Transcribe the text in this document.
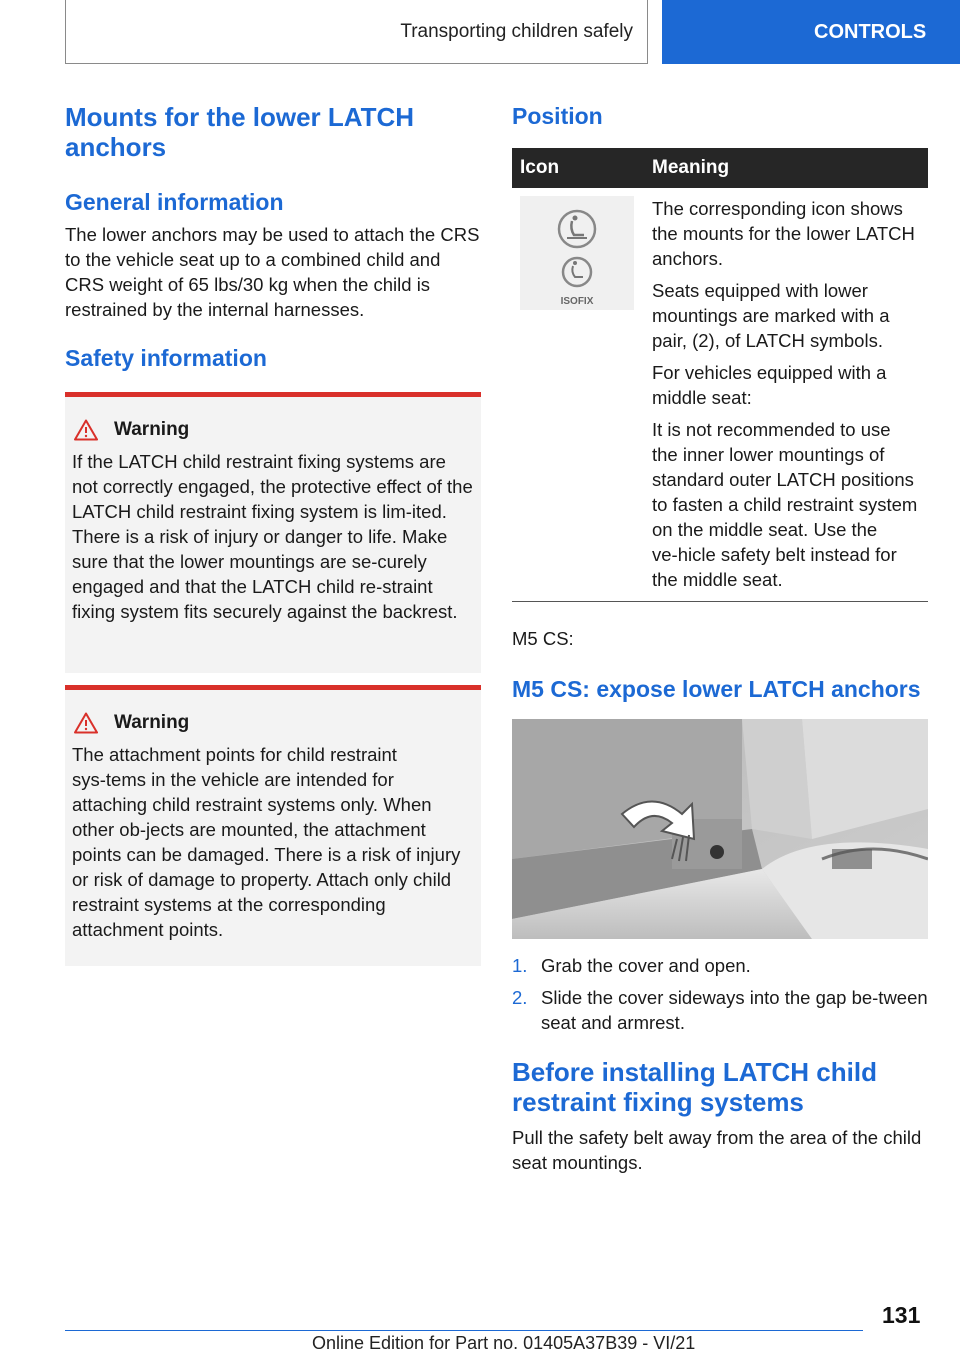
Transporting children safely	CONTROLS
Mounts for the lower LATCH anchors
General information

The lower anchors may be used to attach the CRS to the vehicle seat up to a combined child and CRS weight of 65 lbs/30 kg when the child is restrained by the internal harnesses.

Safety information
Warning

If the LATCH child restraint fixing systems are not correctly engaged, the protective effect of the LATCH child restraint fixing system is lim‑ited. There is a risk of injury or danger to life. Make sure that the lower mountings are se‑curely engaged and that the LATCH child re‑straint fixing system fits securely against the backrest.

Warning

The attachment points for child restraint sys‑tems in the vehicle are intended for attaching child restraint systems only. When other ob‑jects are mounted, the attachment points can be damaged. There is a risk of injury or risk of damage to property. Attach only child restraint systems at the corresponding attachment points.

Position
Icon	Meaning

ISOFIX	The corresponding icon shows the mounts for the lower LATCH anchors.

Seats equipped with lower mountings are marked with a pair, (2), of LATCH symbols.

For vehicles equipped with a middle seat:

It is not recommended to use the inner lower mountings of standard outer LATCH positions to fasten a child restraint system on the middle seat. Use the ve‑hicle safety belt instead for the middle seat.

M5 CS:

M5 CS: expose lower LATCH anchors
1. Grab the cover and open.
2. Slide the cover sideways into the gap be‑tween seat and armrest.
Before installing LATCH child restraint fixing systems

Pull the safety belt away from the area of the child seat mountings.

131
Online Edition for Part no. 01405A37B39 - VI/21
